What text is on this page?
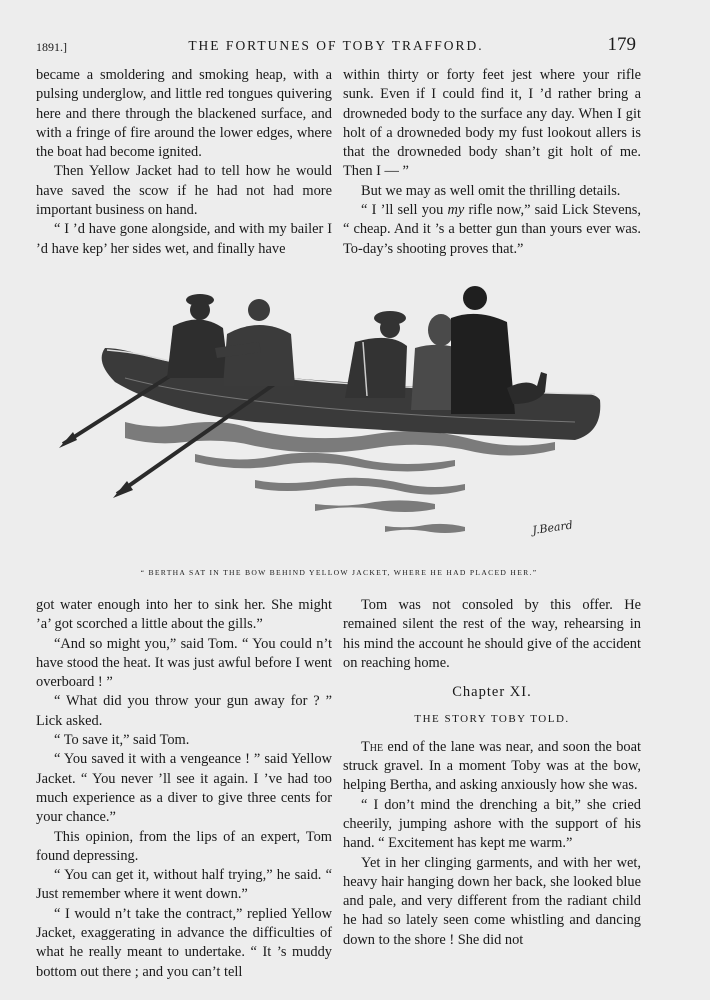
1891.]	THE FORTUNES OF TOBY TRAFFORD.	179

became a smoldering and smoking heap, with a pulsing underglow, and little red tongues quivering here and there through the blackened surface, and with a fringe of fire around the lower edges, where the boat had become ignited.

Then Yellow Jacket had to tell how he would have saved the scow if he had not had more important business on hand.

“ I ’d have gone alongside, and with my bailer I ’d have kep’ her sides wet, and finally have

within thirty or forty feet jest where your rifle sunk. Even if I could find it, I ’d rather bring a drowneded body to the surface any day. When I git holt of a drowneded body my fust lookout allers is that the drowneded body shan’t git holt of me. Then I — ”

But we may as well omit the thrilling details.

“ I ’ll sell you my rifle now,” said Lick Stevens, “ cheap. And it ’s a better gun than yours ever was. To-day’s shooting proves that.”

J.Beard
“ BERTHA SAT IN THE BOW BEHIND YELLOW JACKET, WHERE HE HAD PLACED HER.”

got water enough into her to sink her. She might ’a’ got scorched a little about the gills.”

“And so might you,” said Tom. “ You could n’t have stood the heat. It was just awful before I went overboard ! ”

“ What did you throw your gun away for ? ” Lick asked.

“ To save it,” said Tom.

“ You saved it with a vengeance ! ” said Yellow Jacket. “ You never ’ll see it again. I ’ve had too much experience as a diver to give three cents for your chance.”

This opinion, from the lips of an expert, Tom found depressing.

“ You can get it, without half trying,” he said. “ Just remember where it went down.”

“ I would n’t take the contract,” replied Yellow Jacket, exaggerating in advance the difficulties of what he really meant to undertake. “ It ’s muddy bottom out there ; and you can’t tell

Tom was not consoled by this offer. He remained silent the rest of the way, rehearsing in his mind the account he should give of the accident on reaching home.

Chapter XI.
THE STORY TOBY TOLD.

The end of the lane was near, and soon the boat struck gravel. In a moment Toby was at the bow, helping Bertha, and asking anxiously how she was.

“ I don’t mind the drenching a bit,” she cried cheerily, jumping ashore with the support of his hand. “ Excitement has kept me warm.”

Yet in her clinging garments, and with her wet, heavy hair hanging down her back, she looked blue and pale, and very different from the radiant child he had so lately seen come whistling and dancing down to the shore ! She did not
